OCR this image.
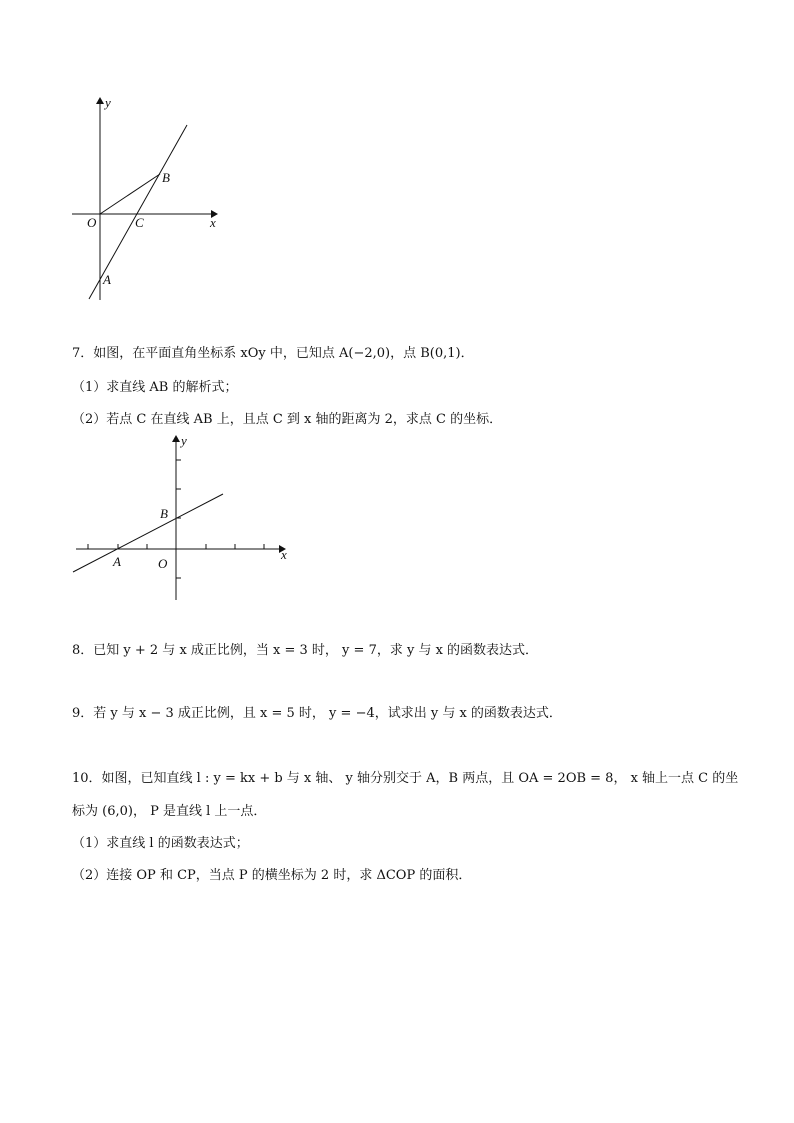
y
x
O
B
C
A
7．如图，在平面直角坐标系 xOy 中，已知点 A(−2,0)，点 B(0,1)．
（1）求直线 AB 的解析式；
（2）若点 C 在直线 AB 上，且点 C 到 x 轴的距离为 2，求点 C 的坐标．
y
x
O
A
B
8．已知 y + 2 与 x 成正比例，当 x = 3 时， y = 7，求 y 与 x 的函数表达式．
9．若 y 与 x − 3 成正比例，且 x = 5 时， y = −4，试求出 y 与 x 的函数表达式．
10．如图，已知直线 l : y = kx + b 与 x 轴、 y 轴分别交于 A，B 两点，且 OA = 2OB = 8， x 轴上一点 C 的坐
标为 (6,0)， P 是直线 l 上一点．
（1）求直线 l 的函数表达式；
（2）连接 OP 和 CP，当点 P 的横坐标为 2 时，求 ΔCOP 的面积．
